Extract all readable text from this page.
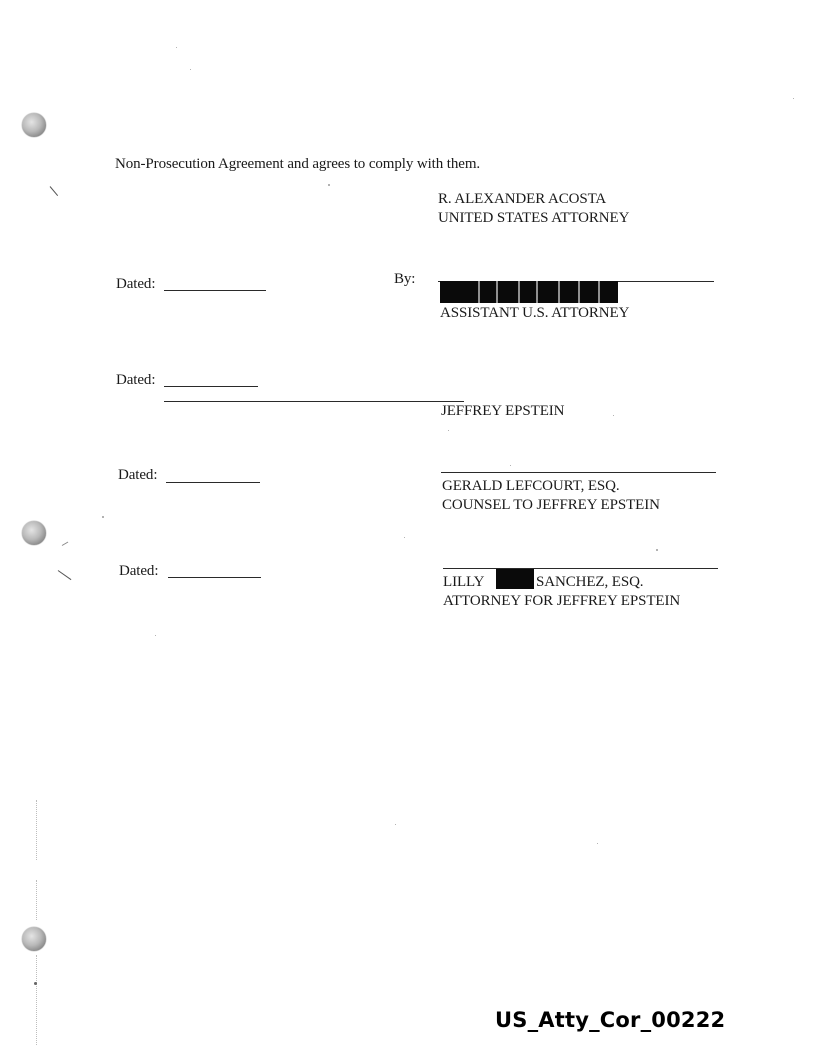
Non-Prosecution Agreement and agrees to comply with them.
R. ALEXANDER ACOSTA
UNITED STATES ATTORNEY
Dated:	By:
ASSISTANT U.S. ATTORNEY
Dated:
JEFFREY EPSTEIN
Dated:
GERALD LEFCOURT, ESQ.
COUNSEL TO JEFFREY EPSTEIN
Dated:
LILLY	SANCHEZ, ESQ.
ATTORNEY FOR JEFFREY EPSTEIN
US_Atty_Cor_00222
